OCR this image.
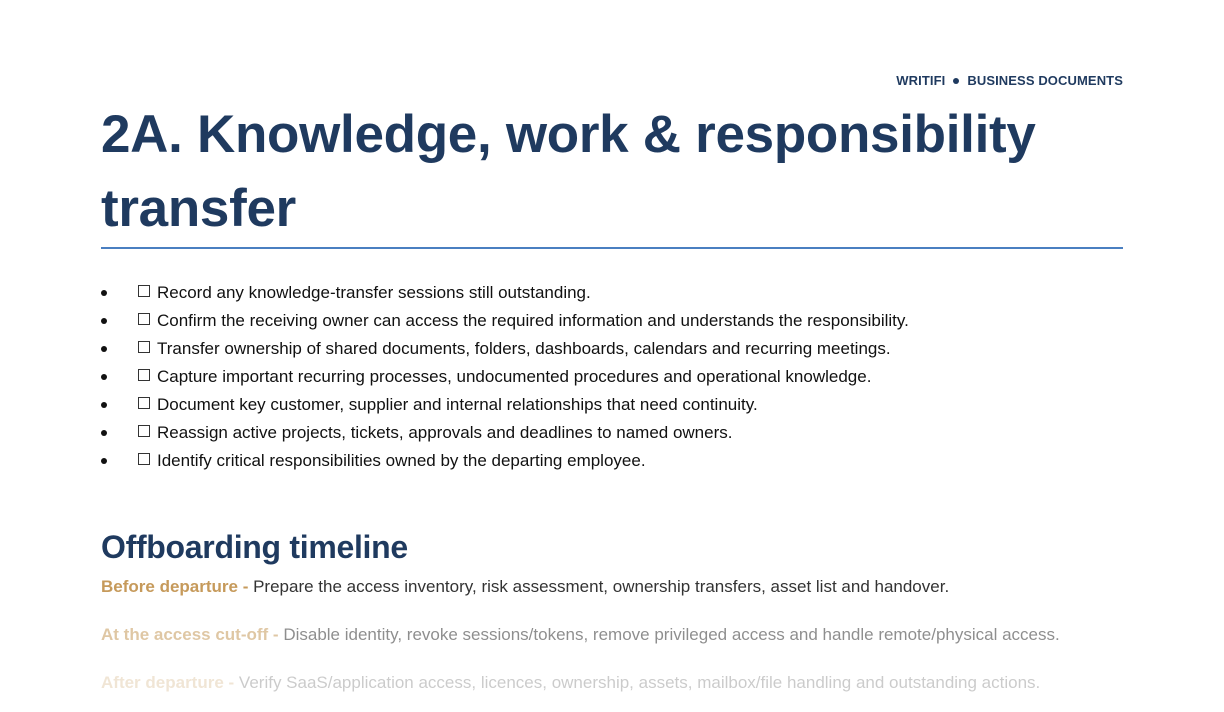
WRITIFI BUSINESS DOCUMENTS
2A. Knowledge, work & responsibility transfer
Record any knowledge-transfer sessions still outstanding.
Confirm the receiving owner can access the required information and understands the responsibility.
Transfer ownership of shared documents, folders, dashboards, calendars and recurring meetings.
Capture important recurring processes, undocumented procedures and operational knowledge.
Document key customer, supplier and internal relationships that need continuity.
Reassign active projects, tickets, approvals and deadlines to named owners.
Identify critical responsibilities owned by the departing employee.
Offboarding timeline
Before departure - Prepare the access inventory, risk assessment, ownership transfers, asset list and handover.
At the access cut-off - Disable identity, revoke sessions/tokens, remove privileged access and handle remote/physical access.
After departure - Verify SaaS/application access, licences, ownership, assets, mailbox/file handling and outstanding actions.
